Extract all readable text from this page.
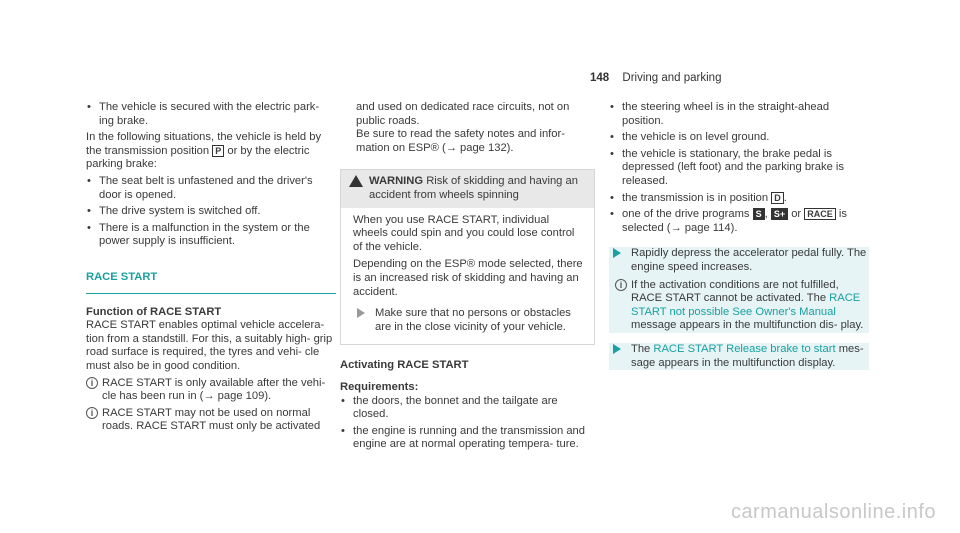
148 Driving and parking
• The vehicle is secured with the electric park- ing brake.
In the following situations, the vehicle is held by the transmission position P or by the electric parking brake:
• The seat belt is unfastened and the driver's door is opened.
• The drive system is switched off.
• There is a malfunction in the system or the power supply is insufficient.
RACE START
Function of RACE START
RACE START enables optimal vehicle accelera- tion from a standstill. For this, a suitably high- grip road surface is required, the tyres and vehi- cle must also be in good condition.
i RACE START is only available after the vehi- cle has been run in (→ page 109).
i RACE START may not be used on normal roads. RACE START must only be activated
and used on dedicated race circuits, not on public roads.
Be sure to read the safety notes and infor- mation on ESP® (→ page 132).
WARNING Risk of skidding and having an accident from wheels spinning
When you use RACE START, individual wheels could spin and you could lose control of the vehicle.
Depending on the ESP® mode selected, there is an increased risk of skidding and having an accident.
Make sure that no persons or obstacles are in the close vicinity of your vehicle.
Activating RACE START
Requirements:
• the doors, the bonnet and the tailgate are closed.
• the engine is running and the transmission and engine are at normal operating tempera- ture.
• the steering wheel is in the straight-ahead position.
• the vehicle is on level ground.
• the vehicle is stationary, the brake pedal is depressed (left foot) and the parking brake is released.
• the transmission is in position D .
• one of the drive programs S , S+ or RACE is selected (→ page 114).
Rapidly depress the accelerator pedal fully. The engine speed increases.
i If the activation conditions are not fulfilled, RACE START cannot be activated. The RACE START not possible See Owner's Manual message appears in the multifunction dis- play.
The RACE START Release brake to start mes- sage appears in the multifunction display.
carmanualsonline.info
